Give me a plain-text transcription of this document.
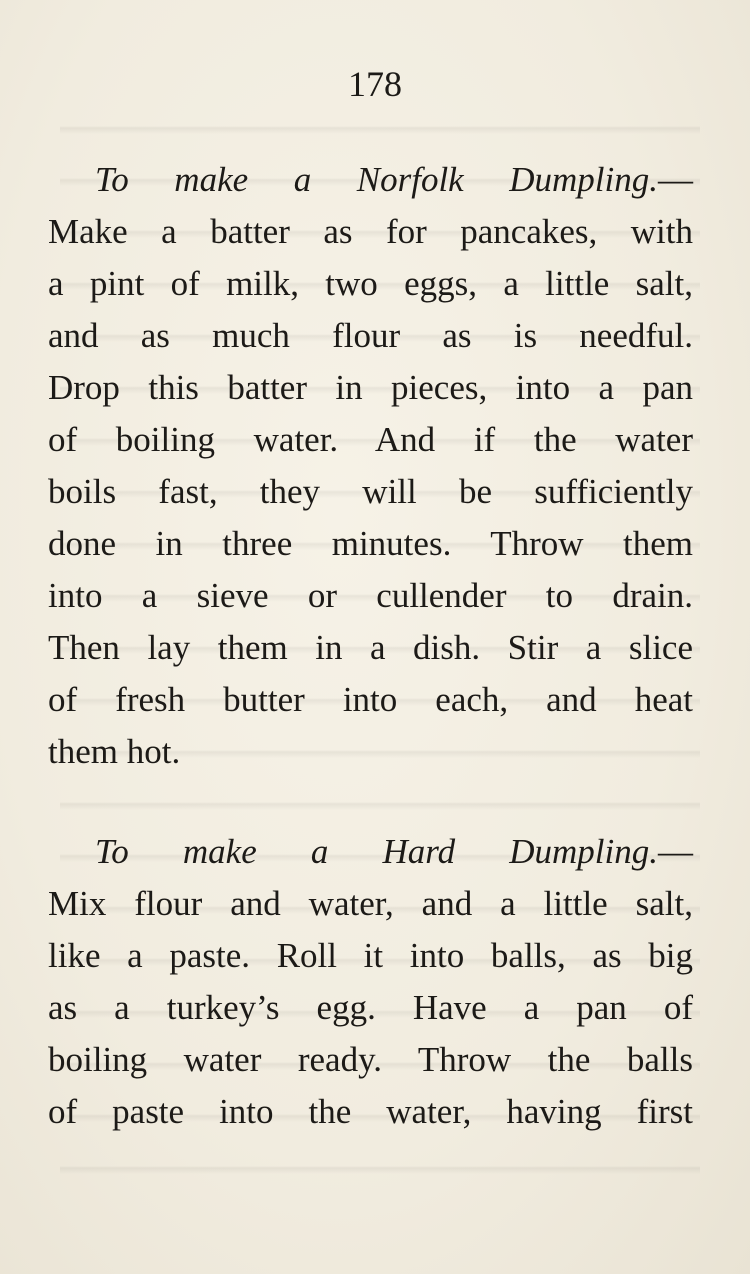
178
To make a Norfolk Dumpling.—
Make a batter as for pancakes, with
a pint of milk, two eggs, a little salt,
and as much flour as is needful.
Drop this batter in pieces, into a pan
of boiling water. And if the water
boils fast, they will be sufficiently
done in three minutes. Throw them
into a sieve or cullender to drain.
Then lay them in a dish. Stir a slice
of fresh butter into each, and heat
them hot.
To make a Hard Dumpling.—
Mix flour and water, and a little salt,
like a paste. Roll it into balls, as big
as a turkey’s egg. Have a pan of
boiling water ready. Throw the balls
of paste into the water, having first
